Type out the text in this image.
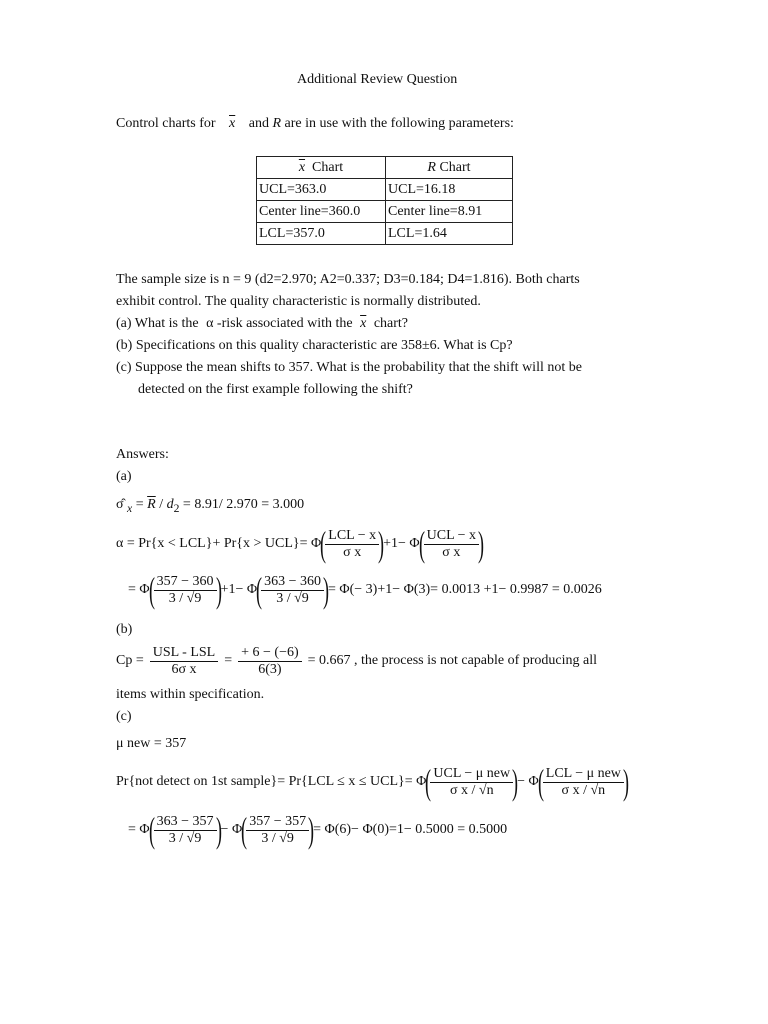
Additional Review Question
Control charts for $\overline{x}$ and R are in use with the following parameters:
$\overline{x}$ Chart	R Chart
UCL=363.0	UCL=16.18
Center line=360.0	Center line=8.91
LCL=357.0	LCL=1.64
The sample size is n = 9 (d2=2.970; A2=0.337; D3=0.184; D4=1.816). Both charts
exhibit control. The quality characteristic is normally distributed.
(a) What is the α -risk associated with the $\overline{x}$ chart?
(b) Specifications on this quality characteristic are 358±6. What is Cp?
(c) Suppose the mean shifts to 357. What is the probability that the shift will not be
detected on the first example following the shift?
Answers:
(a)
σ̂ $_x = \overline{R} / d_2 = 8.91/$ 2.970 = 3.000
α = Pr{x < LCL}+ Pr{x > UCL}= Φ ( $\frac{\text{LCL − x}}{\text{σ x}}$ ) +1− Φ ( $\frac{\text{UCL − x}}{\text{σ x}}$ )
= Φ ( $\frac{357 - 360}{3 / √9}$ ) +1− Φ ( $\frac{363 - 360}{3 / √9}$ ) = Φ(− 3)+1− Φ(3)= 0.0013 +1− 0.9987 = 0.0026
(b)
$Cp = \frac{\text{USL - LSL}}{\text{6σ x}} = \frac{+ 6 - (-6)}{6(3)} = 0.667$ , the process is not capable of producing all
items within specification.
(c)
μ new = 357
Pr{not detect on 1st sample}= Pr{LCL ≤ x ≤ UCL}= Φ ( $\frac{\text{UCL − μ new}}{\text{σ x / √n}}$ ) − Φ ( $\frac{\text{LCL − μ new}}{\text{σ x / √n}}$ )
= Φ ( $\frac{363 - 357}{3 / √9}$ ) − Φ ( $\frac{357 - 357}{3 / √9}$ ) = Φ(6)− Φ(0)=1− 0.5000 = 0.5000
